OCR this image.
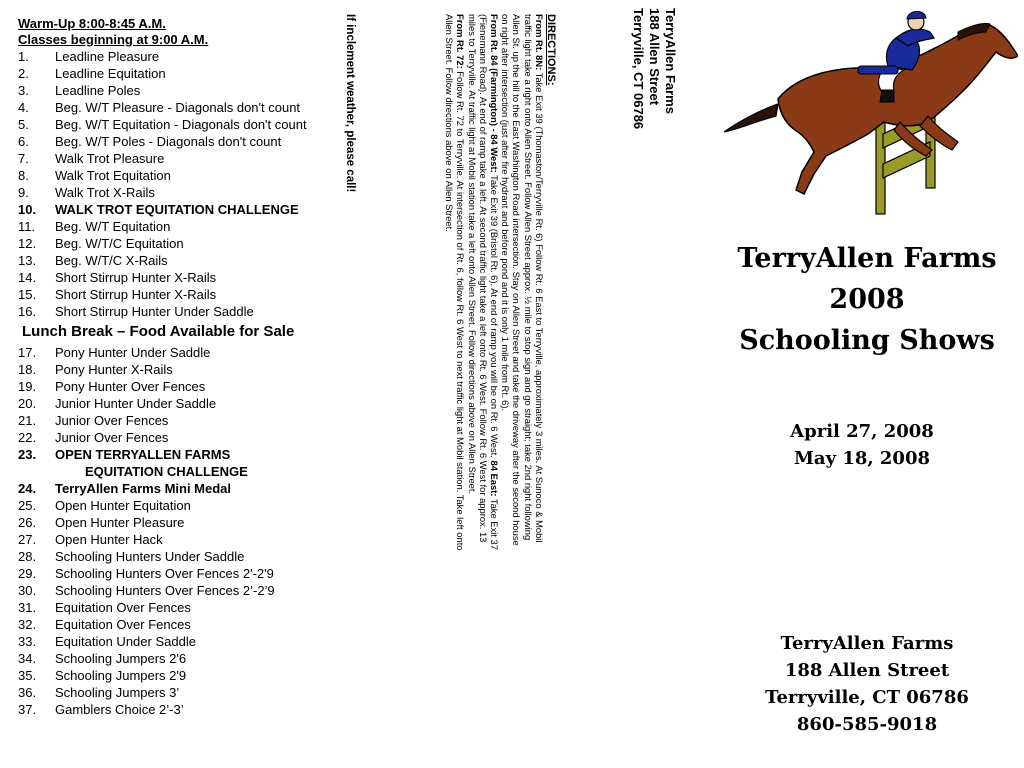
Warm-Up 8:00-8:45 A.M.
Classes beginning at 9:00 A.M.
1. Leadline Pleasure
2. Leadline Equitation
3. Leadline Poles
4. Beg. W/T Pleasure - Diagonals don't count
5. Beg. W/T Equitation - Diagonals don't count
6. Beg. W/T Poles - Diagonals don't count
7. Walk Trot Pleasure
8. Walk Trot Equitation
9. Walk Trot X-Rails
10. WALK TROT EQUITATION CHALLENGE
11. Beg. W/T Equitation
12. Beg. W/T/C Equitation
13. Beg. W/T/C X-Rails
14. Short Stirrup Hunter X-Rails
15. Short Stirrup Hunter X-Rails
16. Short Stirrup Hunter Under Saddle
Lunch Break – Food Available for Sale
17. Pony Hunter Under Saddle
18. Pony Hunter X-Rails
19. Pony Hunter Over Fences
20. Junior Hunter Under Saddle
21. Junior Over Fences
22. Junior Over Fences
23. OPEN TERRYALLEN FARMS
EQUITATION CHALLENGE
24. TerryAllen Farms Mini Medal
25. Open Hunter Equitation
26. Open Hunter Pleasure
27. Open Hunter Hack
28. Schooling Hunters Under Saddle
29. Schooling Hunters Over Fences 2'-2'9
30. Schooling Hunters Over Fences 2’-2’9
31. Equitation Over Fences
32. Equitation Over Fences
33. Equitation Under Saddle
34. Schooling Jumpers 2'6
35. Schooling Jumpers 2'9
36. Schooling Jumpers 3’
37. Gamblers Choice 2’-3’
TerryAllen Farms
188 Allen Street
Terryville, CT 06786
DIRECTIONS:
From Rt. 8N: Take Exit 39 (Thomaston/Terryville Rt. 6) Follow Rt. 6 East to Terryville, approximately 3 miles. At Sunoco & Mobil traffic light take a right onto Allen Street. Follow Allen Street approx. ½ mile to stop sign and go straight; take 2nd right following Allen St. up the hill to the East Washington Road intersection. Stay on Allen Street and take the driveway after the second house on right after intersection (just after fire hydrant and before pond and it is only 1 mile from Rt. 6).
From Rt. 84 (Farmington) - 84 West: Take Exit 39 (Bristol Rt. 6). At end of ramp you will be on Rt. 6 West. 84 East: Take Exit 37 (Fienemann Road). At end of ramp take a left. At second traffic light take a left onto Rt. 6 West. Follow Rt. 6 West for approx. 13 miles to Terryville. At traffic light at Mobil station take a left onto Allen Street. Follow directions above on Allen Street.
From Rt. 72: Follow Rt. 72 to Terryville. At intersection of Rt. 6, follow Rt. 6 West to next traffic light at Mobil station. Take left onto Allen Street. Follow directions above on Allen Street.
If inclement weather, please call!
TerryAllen Farms
2008
Schooling Shows
April 27, 2008
May 18, 2008
TerryAllen Farms
188 Allen Street
Terryville, CT 06786
860-585-9018
